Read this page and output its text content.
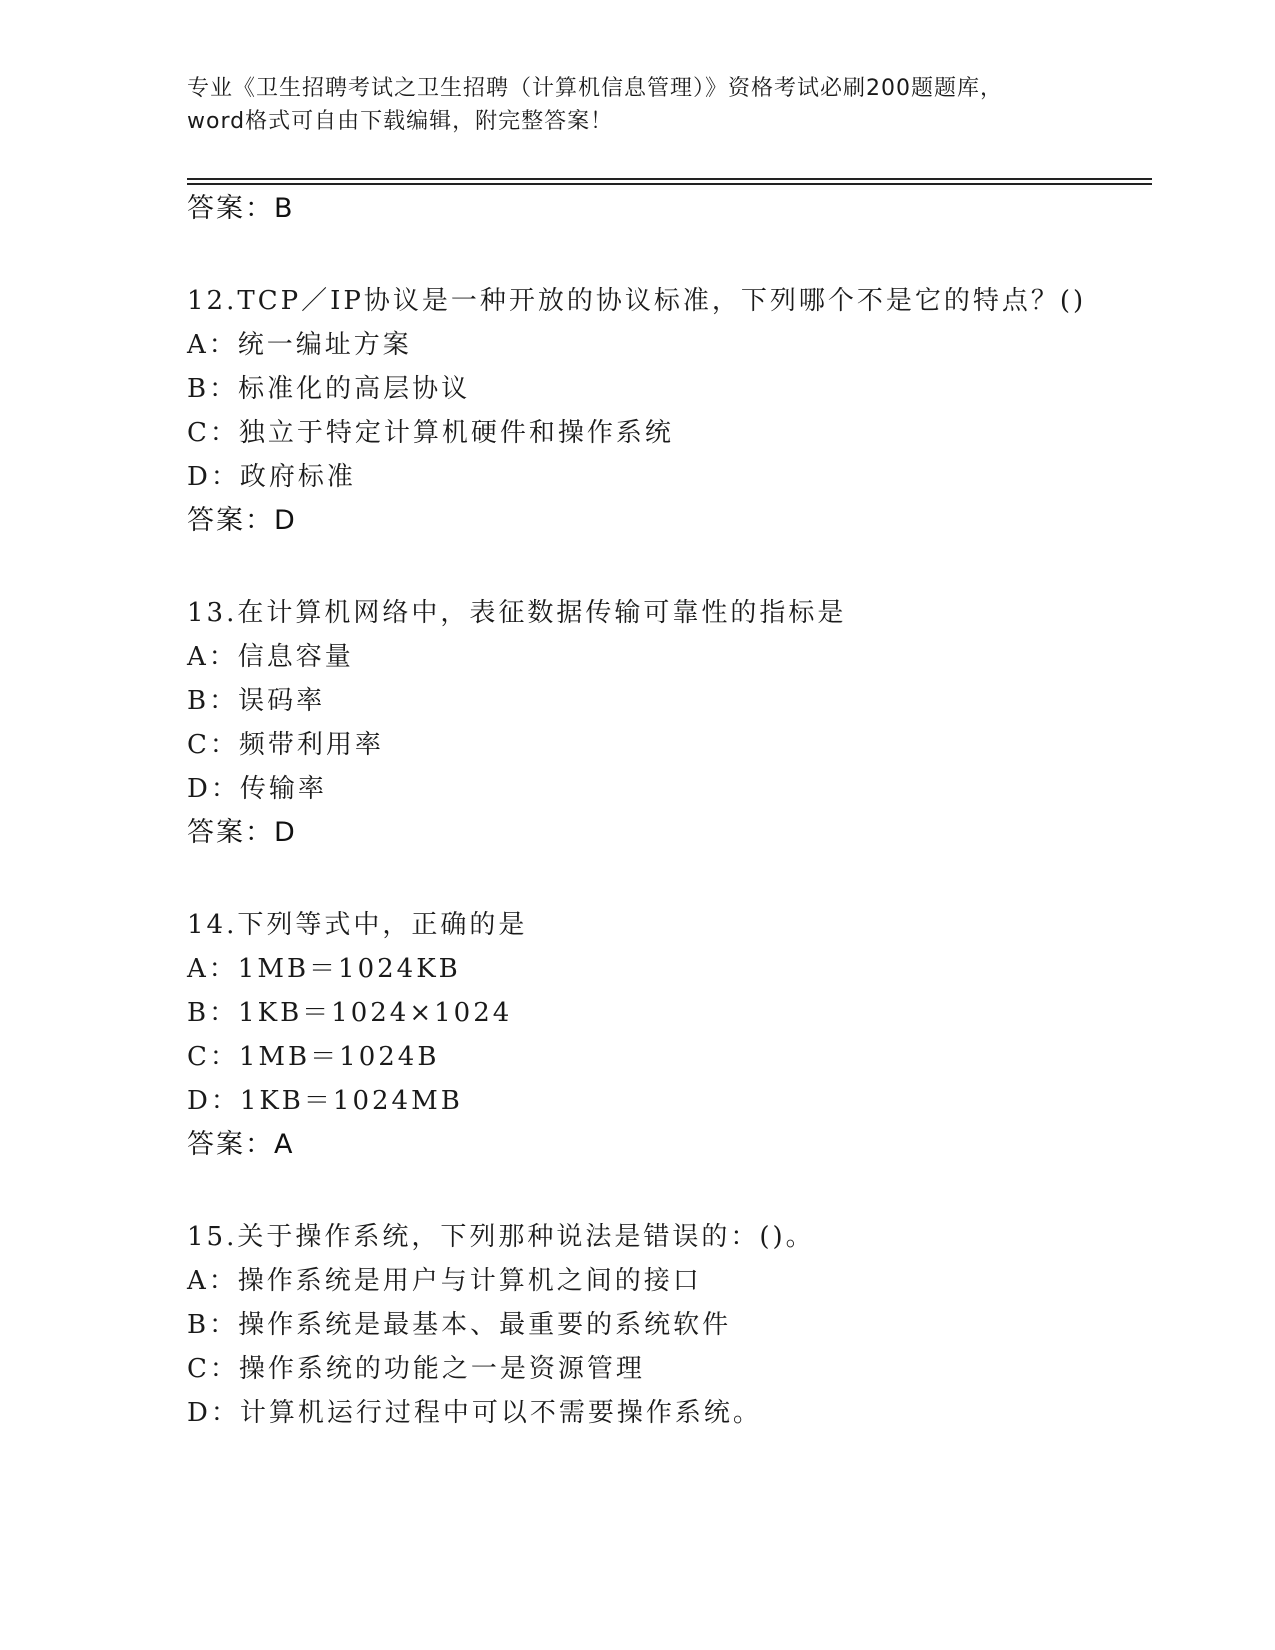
专业《卫生招聘考试之卫生招聘（计算机信息管理）》资格考试必刷200题题库，
word格式可自由下载编辑，附完整答案！
答案：B
12.TCP／IP协议是一种开放的协议标准，下列哪个不是它的特点？()
A：统一编址方案
B：标准化的高层协议
C：独立于特定计算机硬件和操作系统
D：政府标准
答案：D
13.在计算机网络中，表征数据传输可靠性的指标是
A：信息容量
B：误码率
C：频带利用率
D：传输率
答案：D
14.下列等式中，正确的是
A：1MB＝1024KB
B：1KB＝1024×1024
C：1MB＝1024B
D：1KB＝1024MB
答案：A
15.关于操作系统，下列那种说法是错误的：()。
A：操作系统是用户与计算机之间的接口
B：操作系统是最基本、最重要的系统软件
C：操作系统的功能之一是资源管理
D：计算机运行过程中可以不需要操作系统。
